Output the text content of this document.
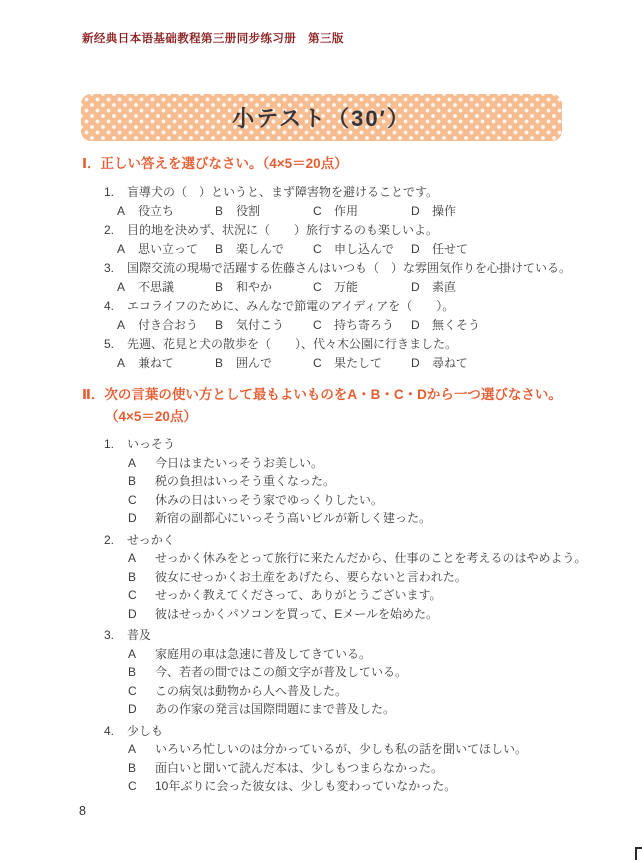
新经典日本语基础教程第三册同步练习册　第三版
小テスト（30′）
Ⅰ．正しい答えを選びなさい。（4×5＝20点）
1.	盲導犬の（　）というと、まず障害物を避けることです。
A 役立ち	B 役割	C 作用	D 操作
2.	目的地を決めず、状況に（　　）旅行するのも楽しいよ。
A 思い立って	B 楽しんで	C 申し込んで	D 任せて
3.	国際交流の現場で活躍する佐藤さんはいつも（　）な雰囲気作りを心掛けている。
A 不思議	B 和やか	C 万能	D 素直
4.	エコライフのために、みんなで節電のアイディアを（　　）。
A 付き合おう	B 気付こう	C 持ち寄ろう	D 無くそう
5.	先週、花見と犬の散歩を（　　）、代々木公園に行きました。
A 兼ねて	B 囲んで	C 果たして	D 尋ねて
Ⅱ．次の言葉の使い方として最もよいものをA・B・C・Dから一つ選びなさい。（4×5＝20点）
1.	いっそう
A	今日はまたいっそうお美しい。
B	税の負担はいっそう重くなった。
C	休みの日はいっそう家でゆっくりしたい。
D	新宿の副都心にいっそう高いビルが新しく建った。
2.	せっかく
A	せっかく休みをとって旅行に来たんだから、仕事のことを考えるのはやめよう。
B	彼女にせっかくお土産をあげたら、要らないと言われた。
C	せっかく教えてくださって、ありがとうございます。
D	彼はせっかくパソコンを買って、Eメールを始めた。
3.	普及
A	家庭用の車は急速に普及してきている。
B	今、若者の間ではこの顔文字が普及している。
C	この病気は動物から人へ普及した。
D	あの作家の発言は国際問題にまで普及した。
4.	少しも
A	いろいろ忙しいのは分かっているが、少しも私の話を聞いてほしい。
B	面白いと聞いて読んだ本は、少しもつまらなかった。
C	10年ぶりに会った彼女は、少しも変わっていなかった。
8
